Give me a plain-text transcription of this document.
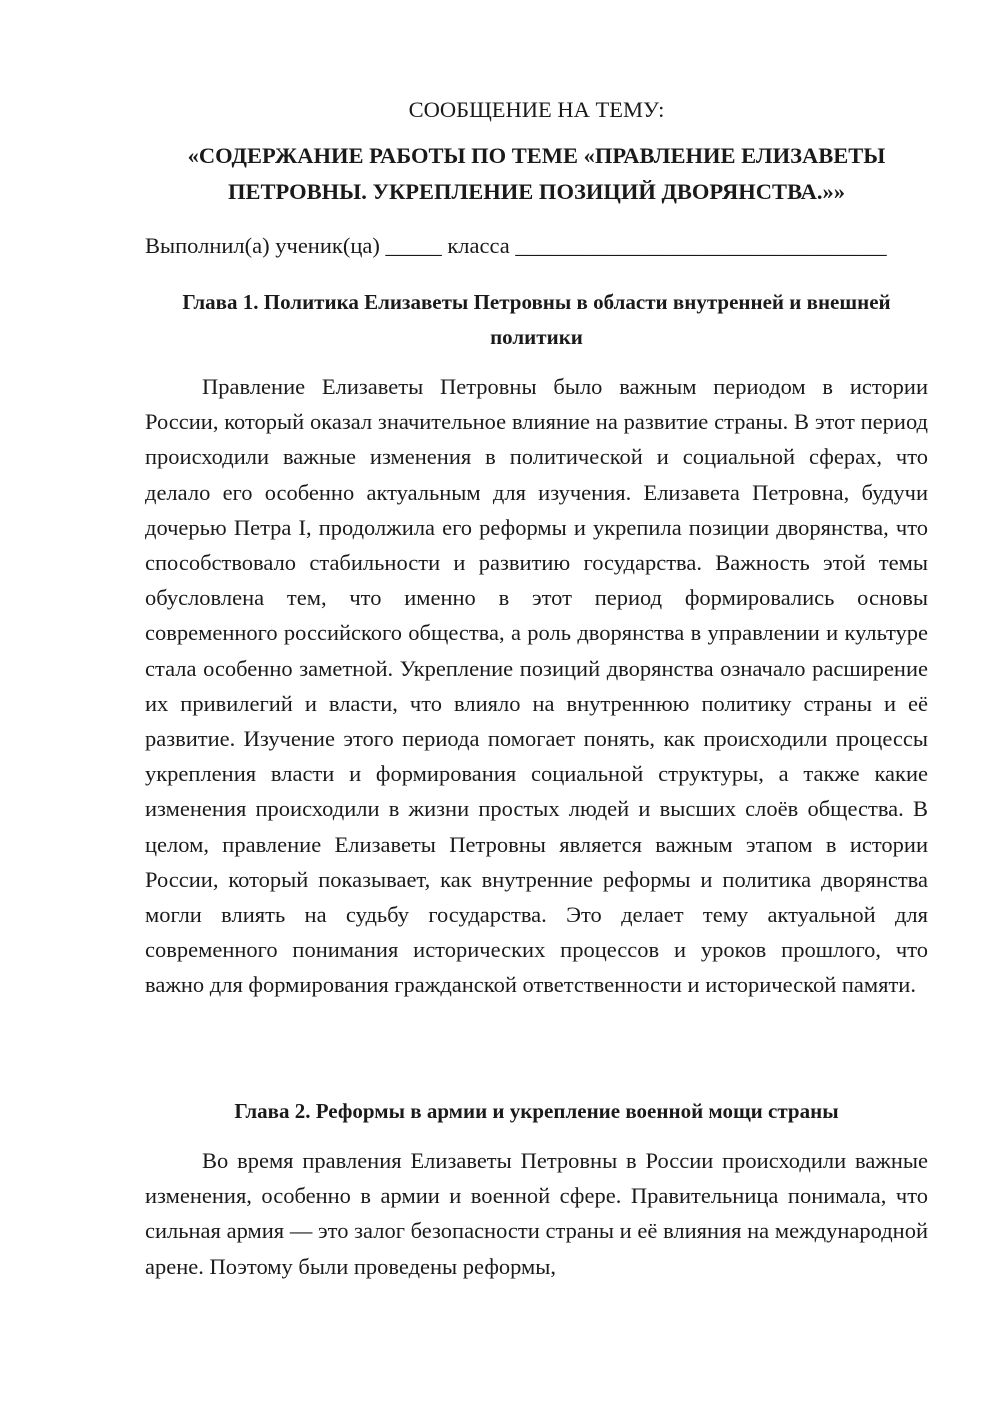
СООБЩЕНИЕ НА ТЕМУ:

«СОДЕРЖАНИЕ РАБОТЫ ПО ТЕМЕ «ПРАВЛЕНИЕ ЕЛИЗАВЕТЫ ПЕТРОВНЫ. УКРЕПЛЕНИЕ ПОЗИЦИЙ ДВОРЯНСТВА.»»

Выполнил(а) ученик(ца) _____ класса _________________________________

Глава 1. Политика Елизаветы Петровны в области внутренней и внешней политики

Правление Елизаветы Петровны было важным периодом в истории России, который оказал значительное влияние на развитие страны. В этот период происходили важные изменения в политической и социальной сферах, что делало его особенно актуальным для изучения. Елизавета Петровна, будучи дочерью Петра I, продолжила его реформы и укрепила позиции дворянства, что способствовало стабильности и развитию государства. Важность этой темы обусловлена тем, что именно в этот период формировались основы современного российского общества, а роль дворянства в управлении и культуре стала особенно заметной. Укрепление позиций дворянства означало расширение их привилегий и власти, что влияло на внутреннюю политику страны и её развитие. Изучение этого периода помогает понять, как происходили процессы укрепления власти и формирования социальной структуры, а также какие изменения происходили в жизни простых людей и высших слоёв общества. В целом, правление Елизаветы Петровны является важным этапом в истории России, который показывает, как внутренние реформы и политика дворянства могли влиять на судьбу государства. Это делает тему актуальной для современного понимания исторических процессов и уроков прошлого, что важно для формирования гражданской ответственности и исторической памяти.

Глава 2. Реформы в армии и укрепление военной мощи страны

Во время правления Елизаветы Петровны в России происходили важные изменения, особенно в армии и военной сфере. Правительница понимала, что сильная армия — это залог безопасности страны и её влияния на международной арене. Поэтому были проведены реформы,
